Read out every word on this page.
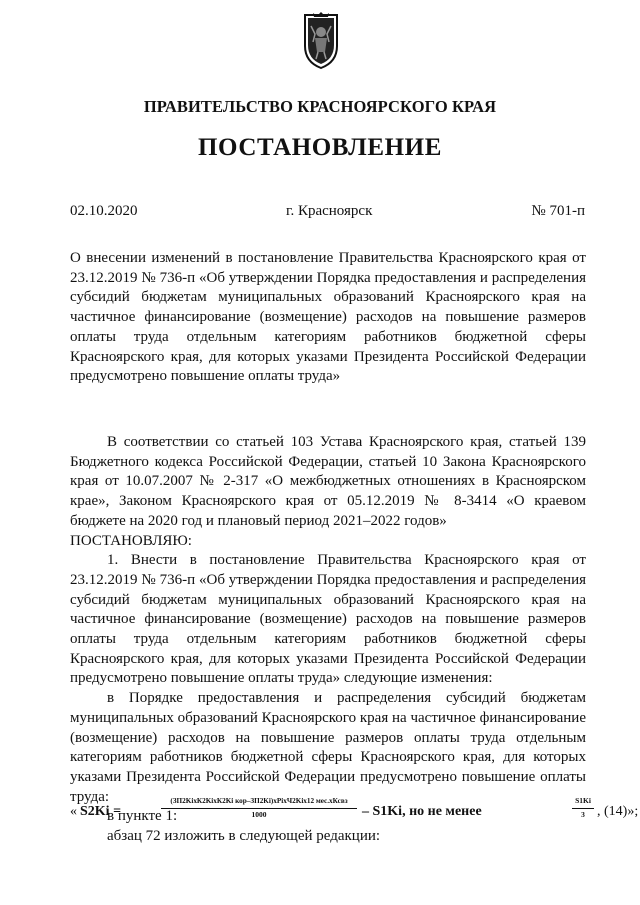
ПРАВИТЕЛЬСТВО КРАСНОЯРСКОГО КРАЯ
ПОСТАНОВЛЕНИЕ
02.10.2020	г. Красноярск	№ 701-п
О внесении изменений в постановление Правительства Красноярского края от 23.12.2019 № 736-п «Об утверждении Порядка предоставления и распределения субсидий бюджетам муниципальных образований Красноярского края на частичное финансирование (возмещение) расходов на повышение размеров оплаты труда отдельным категориям работников бюджетной сферы Красноярского края, для которых указами Президента Российской Федерации предусмотрено повышение оплаты труда»

В соответствии со статьей 103 Устава Красноярского края, статьей 139 Бюджетного кодекса Российской Федерации, статьей 10 Закона Красноярского края от 10.07.2007 № 2-317 «О межбюджетных отношениях в Красноярском крае», Законом Красноярского края от 05.12.2019 № 8-3414 «О краевом бюджете на 2020 год и плановый период 2021–2022 годов»

ПОСТАНОВЛЯЮ:

1. Внести в постановление Правительства Красноярского края от 23.12.2019 № 736-п «Об утверждении Порядка предоставления и распределения субсидий бюджетам муниципальных образований Красноярского края на частичное финансирование (возмещение) расходов на повышение размеров оплаты труда отдельным категориям работников бюджетной сферы Красноярского края, для которых указами Президента Российской Федерации предусмотрено повышение оплаты труда» следующие изменения:

в Порядке предоставления и распределения субсидий бюджетам муниципальных образований Красноярского края на частичное финансирование (возмещение) расходов на повышение размеров оплаты труда отдельным категориям работников бюджетной сферы Красноярского края, для которых указами Президента Российской Федерации предусмотрено повышение оплаты труда:

в пункте 1:

абзац 72 изложить в следующей редакции:

« S2Ki =
(ЗП2KiхК2KiхК2Ki кор–ЗП2Ki)хРiхЧ2Kiх12 мес.хКсвз
1000	– S1Ki, но не менее	$\frac{S1Ki}{3}$ , (14)»;
